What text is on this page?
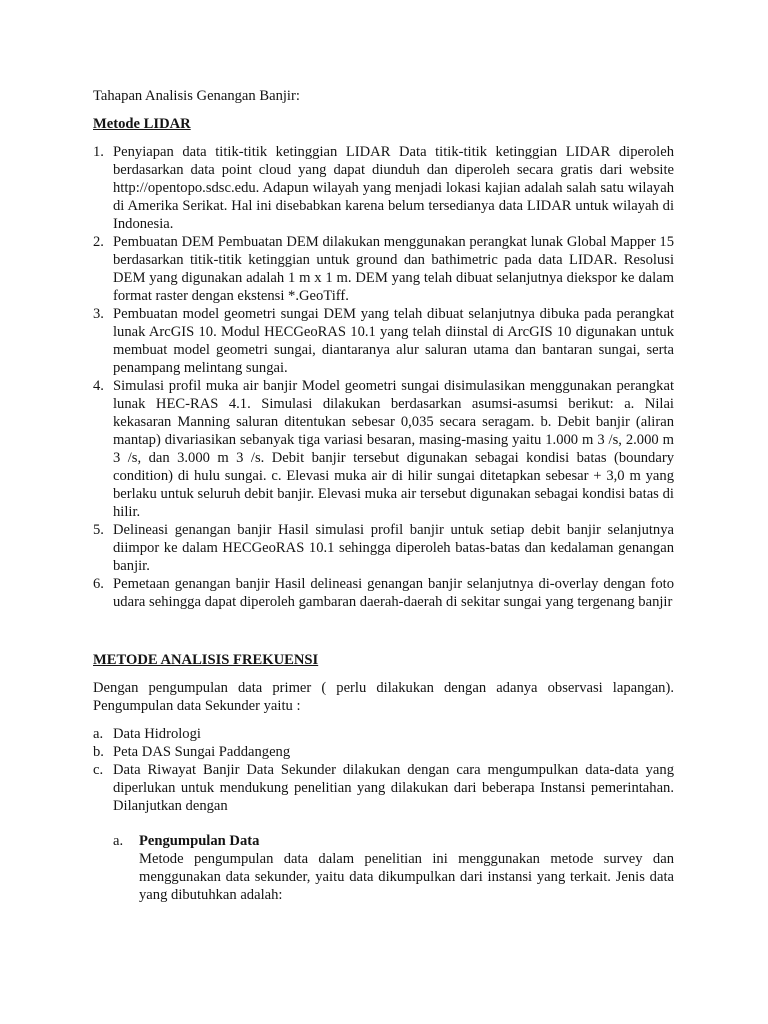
Tahapan Analisis Genangan Banjir:

Metode LIDAR

1. Penyiapan data titik-titik ketinggian LIDAR Data titik-titik ketinggian LIDAR diperoleh berdasarkan data point cloud yang dapat diunduh dan diperoleh secara gratis dari website http://opentopo.sdsc.edu. Adapun wilayah yang menjadi lokasi kajian adalah salah satu wilayah di Amerika Serikat. Hal ini disebabkan karena belum tersedianya data LIDAR untuk wilayah di Indonesia.
2. Pembuatan DEM Pembuatan DEM dilakukan menggunakan perangkat lunak Global Mapper 15 berdasarkan titik-titik ketinggian untuk ground dan bathimetric pada data LIDAR. Resolusi DEM yang digunakan adalah 1 m x 1 m. DEM yang telah dibuat selanjutnya diekspor ke dalam format raster dengan ekstensi *.GeoTiff.
3. Pembuatan model geometri sungai DEM yang telah dibuat selanjutnya dibuka pada perangkat lunak ArcGIS 10. Modul HECGeoRAS 10.1 yang telah diinstal di ArcGIS 10 digunakan untuk membuat model geometri sungai, diantaranya alur saluran utama dan bantaran sungai, serta penampang melintang sungai.
4. Simulasi profil muka air banjir Model geometri sungai disimulasikan menggunakan perangkat lunak HEC-RAS 4.1. Simulasi dilakukan berdasarkan asumsi-asumsi berikut: a. Nilai kekasaran Manning saluran ditentukan sebesar 0,035 secara seragam. b. Debit banjir (aliran mantap) divariasikan sebanyak tiga variasi besaran, masing-masing yaitu 1.000 m 3 /s, 2.000 m 3 /s, dan 3.000 m 3 /s. Debit banjir tersebut digunakan sebagai kondisi batas (boundary condition) di hulu sungai. c. Elevasi muka air di hilir sungai ditetapkan sebesar + 3,0 m yang berlaku untuk seluruh debit banjir. Elevasi muka air tersebut digunakan sebagai kondisi batas di hilir.
5. Delineasi genangan banjir Hasil simulasi profil banjir untuk setiap debit banjir selanjutnya diimpor ke dalam HECGeoRAS 10.1 sehingga diperoleh batas-batas dan kedalaman genangan banjir.
6. Pemetaan genangan banjir Hasil delineasi genangan banjir selanjutnya di-overlay dengan foto udara sehingga dapat diperoleh gambaran daerah-daerah di sekitar sungai yang tergenang banjir

METODE ANALISIS FREKUENSI

Dengan pengumpulan data primer ( perlu dilakukan dengan adanya observasi lapangan). Pengumpulan data Sekunder yaitu :

a. Data Hidrologi
b. Peta DAS Sungai Paddangeng
c. Data Riwayat Banjir Data Sekunder dilakukan dengan cara mengumpulkan data-data yang diperlukan untuk mendukung penelitian yang dilakukan dari beberapa Instansi pemerintahan. Dilanjutkan dengan
a. Pengumpulan Data

Metode pengumpulan data dalam penelitian ini menggunakan metode survey dan menggunakan data sekunder, yaitu data dikumpulkan dari instansi yang terkait. Jenis data yang dibutuhkan adalah:
